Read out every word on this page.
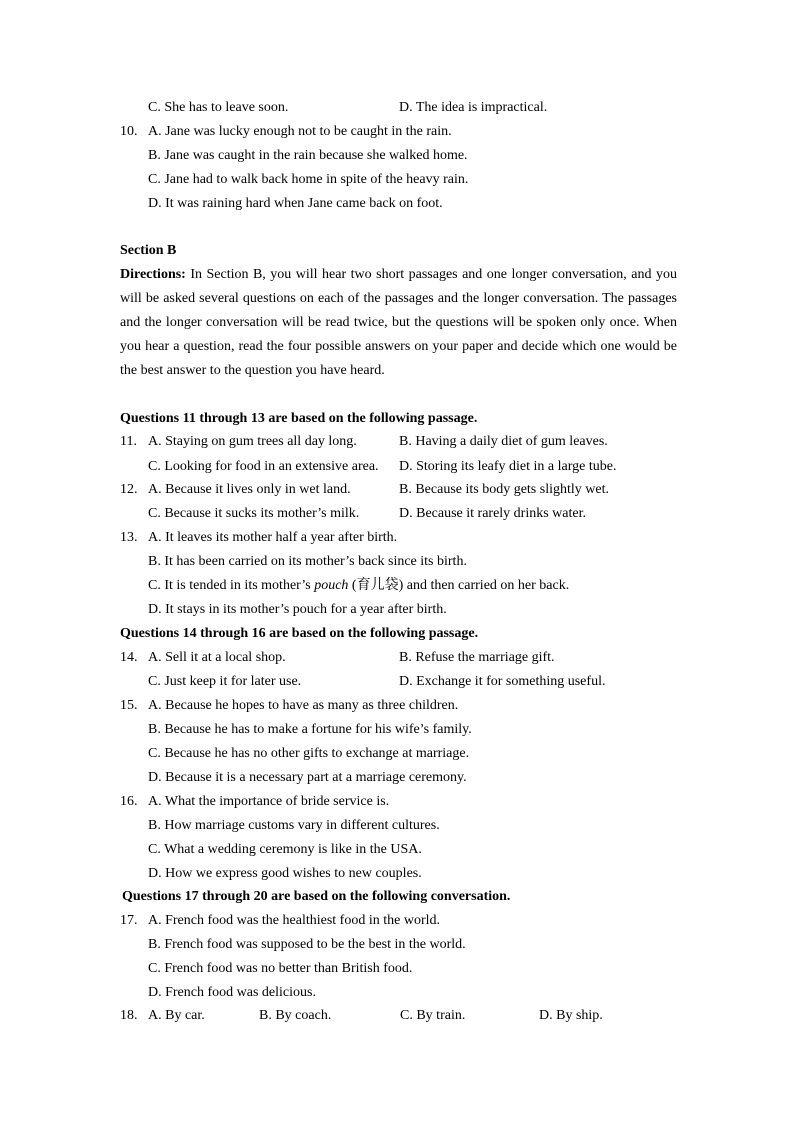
C. She has to leave soon.	D. The idea is impractical.
10. A. Jane was lucky enough not to be caught in the rain.
B. Jane was caught in the rain because she walked home.
C. Jane had to walk back home in spite of the heavy rain.
D. It was raining hard when Jane came back on foot.
Section B
Directions: In Section B, you will hear two short passages and one longer conversation, and you
will be asked several questions on each of the passages and the longer conversation. The passages
and the longer conversation will be read twice, but the questions will be spoken only once. When
you hear a question, read the four possible answers on your paper and decide which one would be
the best answer to the question you have heard.
Questions 11 through 13 are based on the following passage.
11. A. Staying on gum trees all day long.	B. Having a daily diet of gum leaves.
C. Looking for food in an extensive area. D. Storing its leafy diet in a large tube.
12. A. Because it lives only in wet land.	B. Because its body gets slightly wet.
C. Because it sucks its mother’s milk.	D. Because it rarely drinks water.
13. A. It leaves its mother half a year after birth.
B. It has been carried on its mother’s back since its birth.
C. It is tended in its mother’s pouch (育儿袋) and then carried on her back.
D. It stays in its mother’s pouch for a year after birth.
Questions 14 through 16 are based on the following passage.
14. A. Sell it at a local shop.	B. Refuse the marriage gift.
C. Just keep it for later use.	D. Exchange it for something useful.
15. A. Because he hopes to have as many as three children.
B. Because he has to make a fortune for his wife’s family.
C. Because he has no other gifts to exchange at marriage.
D. Because it is a necessary part at a marriage ceremony.
16. A. What the importance of bride service is.
B. How marriage customs vary in different cultures.
C. What a wedding ceremony is like in the USA.
D. How we express good wishes to new couples.
Questions 17 through 20 are based on the following conversation.
17. A. French food was the healthiest food in the world.
B. French food was supposed to be the best in the world.
C. French food was no better than British food.
D. French food was delicious.
18. A. By car.	B. By coach.	C. By train.	D. By ship.
